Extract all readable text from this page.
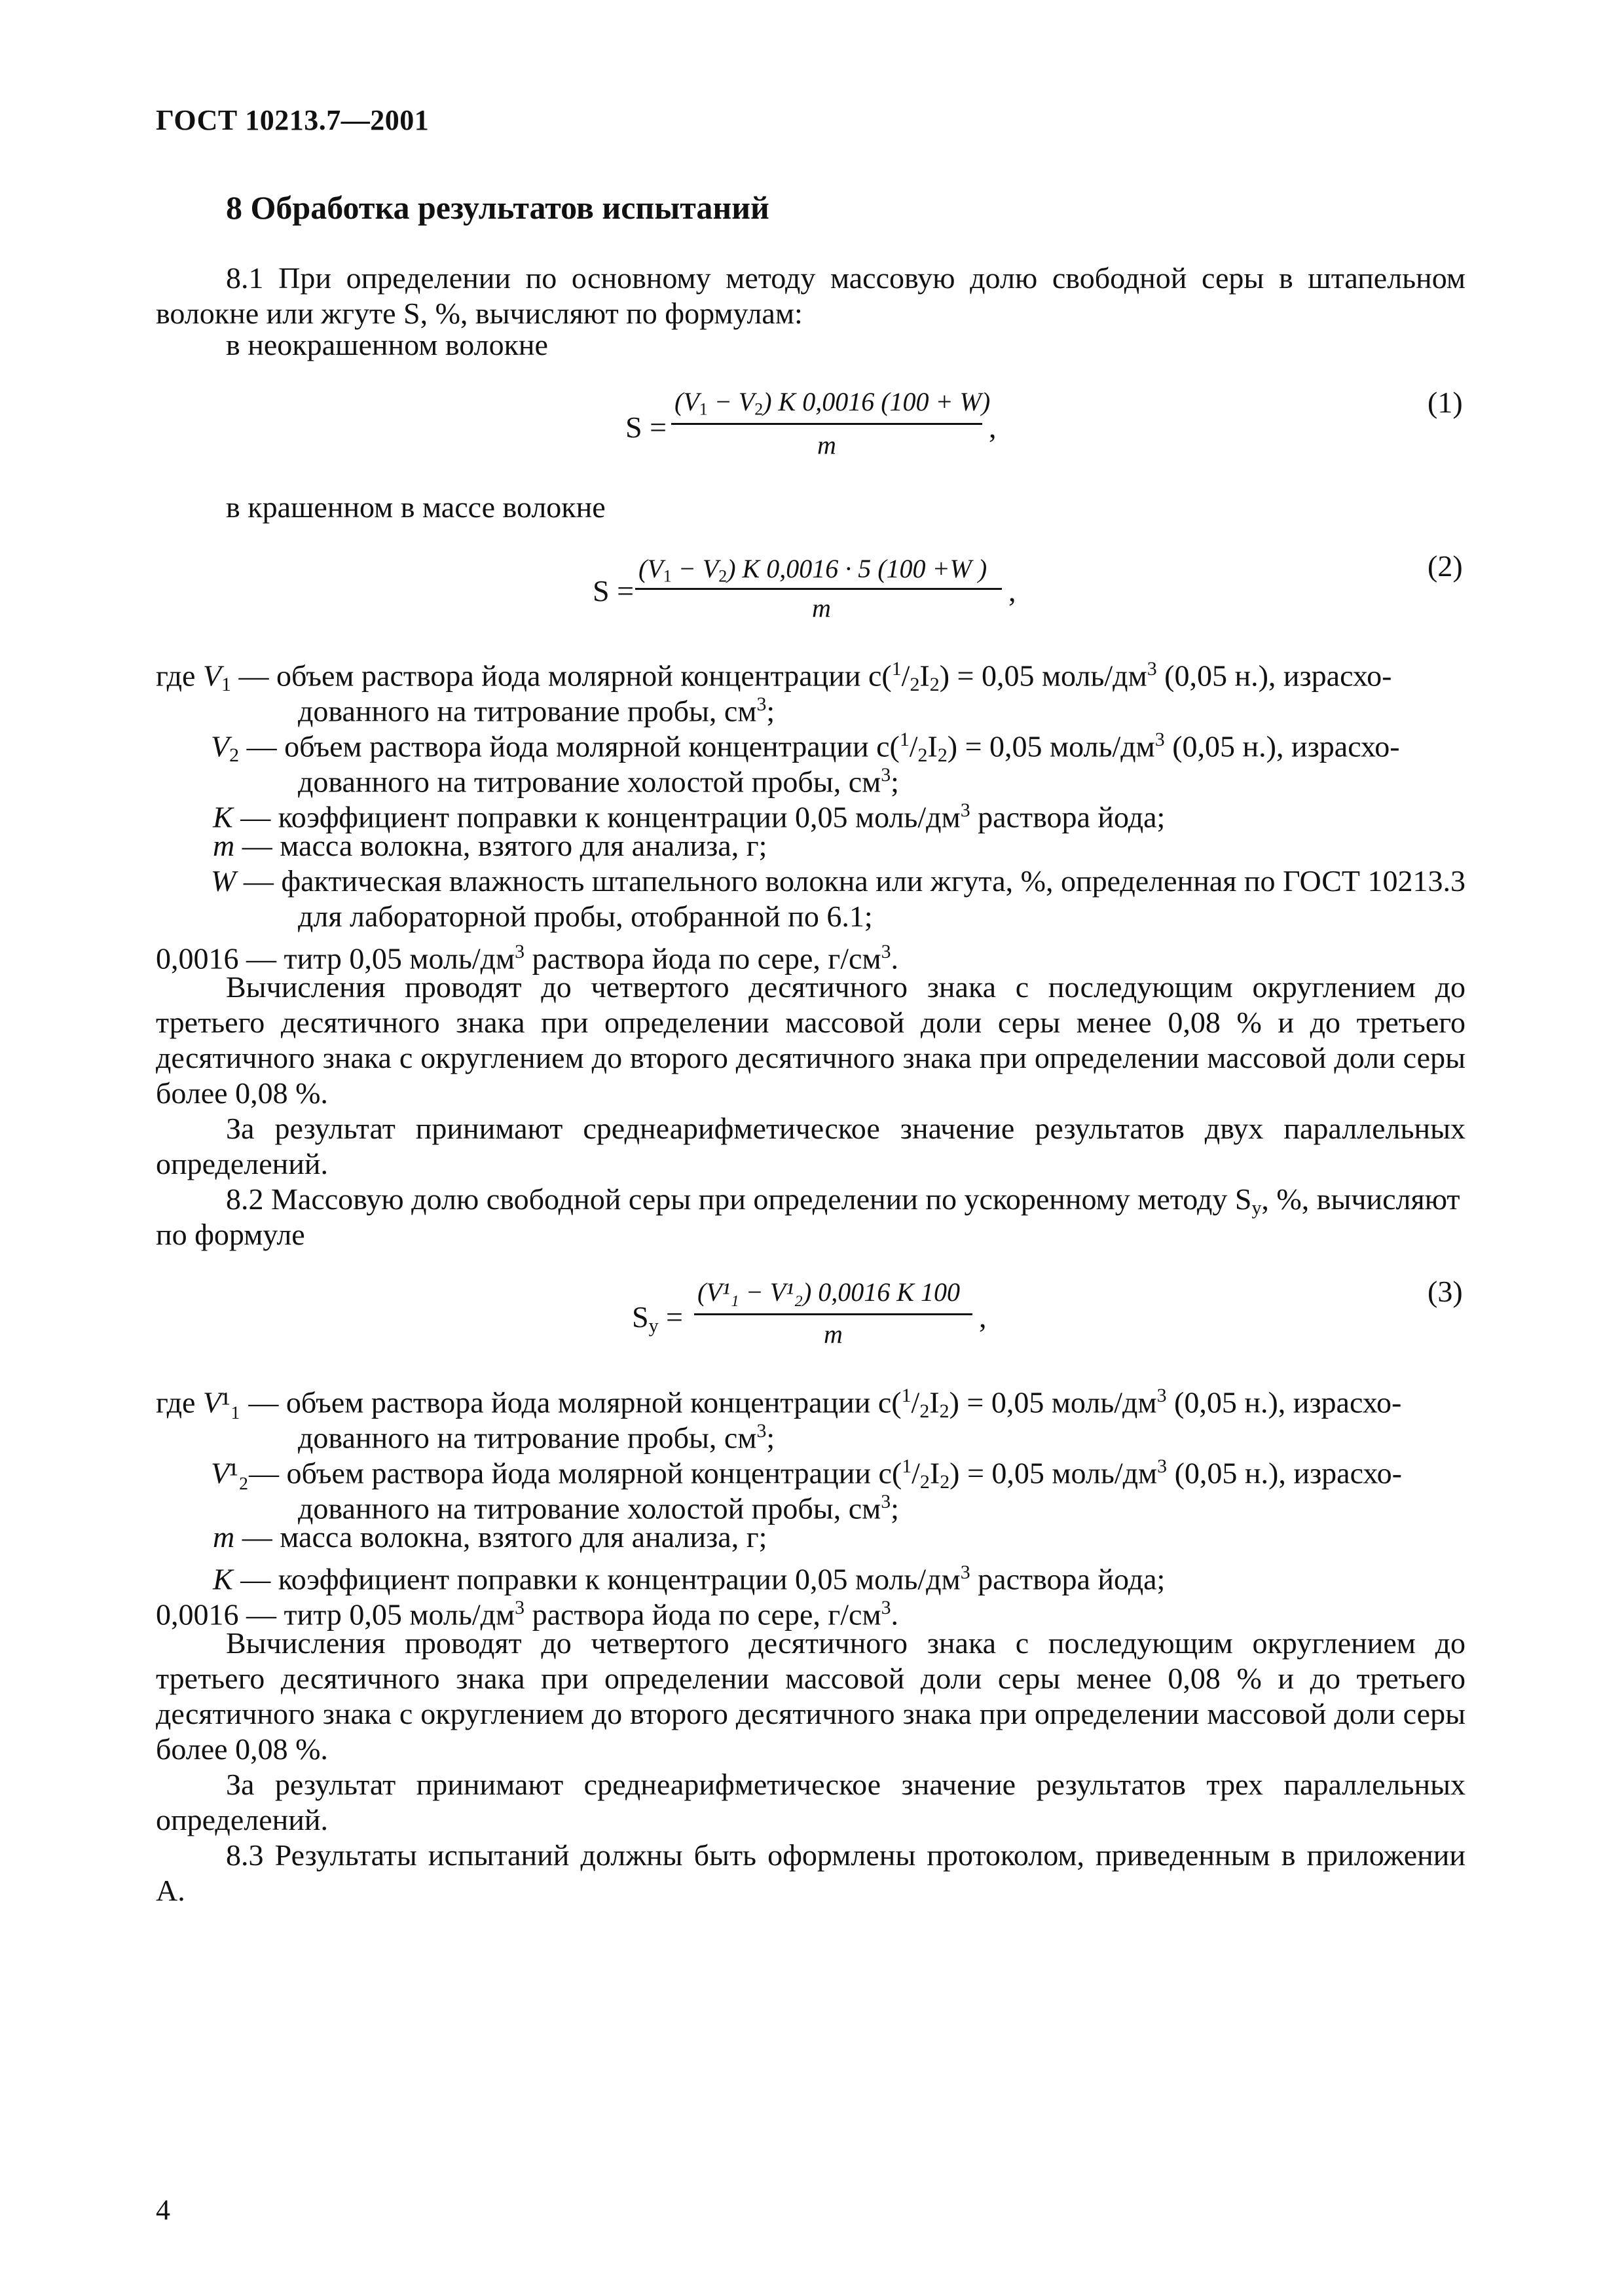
ГОСТ 10213.7—2001
8 Обработка результатов испытаний
8.1 При определении по основному методу массовую долю свободной серы в штапельном волокне или жгуте S, %, вычисляют по формулам:
в неокрашенном волокне
S =
$(V_1 - V_2)$ K 0,0016 (100 + W)
m
,
(1)
в крашенном в массе волокне
S =
$(V_1 - V_2)$ K 0,0016 · 5 (100 +W )
m
,
(2)
где $V_1$ — объем раствора йода молярной концентрации $c(^1/_2I_2) = 0,05$ моль/$дм^3$ (0,05 н.), израсхо-
дованного на титрование пробы, $см^3$;
$V_2$ — объем раствора йода молярной концентрации $c(^1/_2I_2) = 0,05$ моль/$дм^3$ (0,05 н.), израсхо-
дованного на титрование холостой пробы, $см^3$;
K — коэффициент поправки к концентрации 0,05 моль/$дм^3$ раствора йода;
m — масса волокна, взятого для анализа, г;
W — фактическая влажность штапельного волокна или жгута, %, определенная по ГОСТ 10213.3
для лабораторной пробы, отобранной по 6.1;
0,0016 — титр 0,05 моль/$дм^3$ раствора йода по сере, $г/см^3$.
Вычисления проводят до четвертого десятичного знака с последующим округлением до третьего десятичного знака при определении массовой доли серы менее 0,08 % и до третьего десятичного знака с округлением до второго десятичного знака при определении массовой доли серы более 0,08 %.
За результат принимают среднеарифметическое значение результатов двух параллельных определений.
8.2 Массовую долю свободной серы при определении по ускоренному методу $S_у$, %, вычисляют
по формуле
$S_у$ =
(V¹₁ − V¹₂) 0,0016 K 100
m
,
(3)
где V¹₁ — объем раствора йода молярной концентрации $c(^1/_2I_2) = 0,05$ моль/$дм^3$ (0,05 н.), израсхо-
дованного на титрование пробы, $см^3$;
V¹₂— объем раствора йода молярной концентрации $c(^1/_2I_2) = 0,05$ моль/$дм^3$ (0,05 н.), израсхо-
дованного на титрование холостой пробы, $см^3$;
m — масса волокна, взятого для анализа, г;
K — коэффициент поправки к концентрации 0,05 моль/$дм^3$ раствора йода;
0,0016 — титр 0,05 моль/$дм^3$ раствора йода по сере, $г/см^3$.
Вычисления проводят до четвертого десятичного знака с последующим округлением до третьего десятичного знака при определении массовой доли серы менее 0,08 % и до третьего десятичного знака с округлением до второго десятичного знака при определении массовой доли серы более 0,08 %.
За результат принимают среднеарифметическое значение результатов трех параллельных определений.
8.3 Результаты испытаний должны быть оформлены протоколом, приведенным в приложении А.
4
